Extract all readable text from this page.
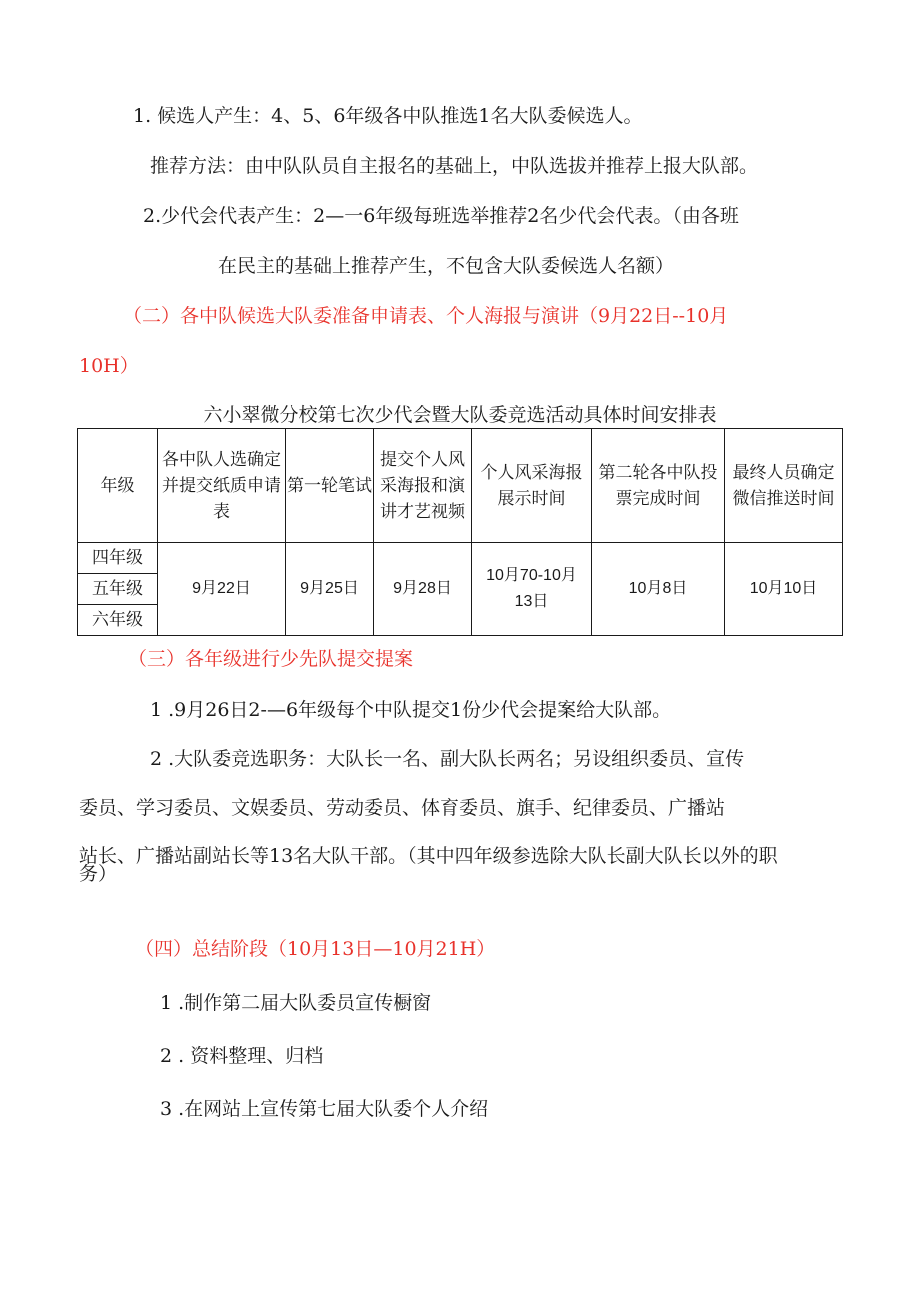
1. 候选人产生：4、5、6年级各中队推选1名大队委候选人。
推荐方法：由中队队员自主报名的基础上，中队选拔并推荐上报大队部。
2.少代会代表产生：2—一6年级每班选举推荐2名少代会代表。（由各班
在民主的基础上推荐产生，不包含大队委候选人名额）
（二）各中队候选大队委准备申请表、个人海报与演讲（9月22日--10月
10H）
六小翠微分校第七次少代会暨大队委竞选活动具体时间安排表
年级	各中队人选确定并提交纸质申请表	第一轮笔试	提交个人风采海报和演讲才艺视频	个人风采海报展示时间	第二轮各中队投票完成时间	最终人员确定微信推送时间
四年级	9月22日	9月25日	9月28日	10月70-10月13日	10月8日	10月10日
五年级						
六年级						
（三）各年级进行少先队提交提案
1 .9月26日2-—6年级每个中队提交1份少代会提案给大队部。
2 .大队委竞选职务：大队长一名、副大队长两名；另设组织委员、宣传
委员、学习委员、文娱委员、劳动委员、体育委员、旗手、纪律委员、广播站
站长、广播站副站长等13名大队干部。（其中四年级参选除大队长副大队长以外的职
务）
（四）总结阶段（10月13日—10月21H）
1 .制作第二届大队委员宣传橱窗
2 . 资料整理、归档
3 .在网站上宣传第七届大队委个人介绍
